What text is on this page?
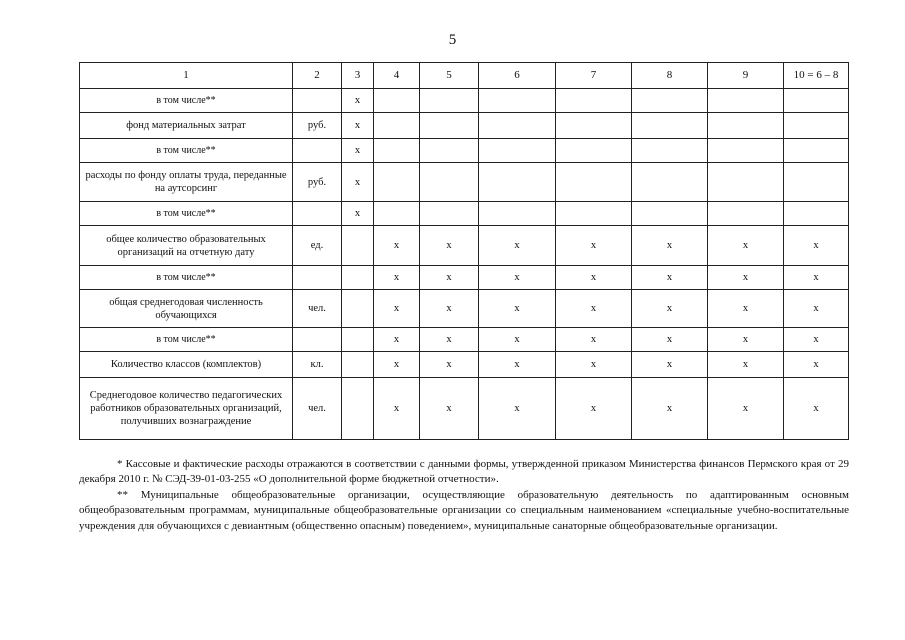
5
1	2	3	4	5	6	7	8	9	10 = 6 – 8
в том числе**		х							
фонд материальных затрат	руб.	х							
в том числе**		х							
расходы по фонду оплаты труда, переданные на аутсорсинг	руб.	х							
в том числе**		х							
общее количество образовательных организаций на отчетную дату	ед.		х	х	х	х	х	х	х
в том числе**			х	х	х	х	х	х	х
общая среднегодовая численность обучающихся	чел.		х	х	х	х	х	х	х
в том числе**			х	х	х	х	х	х	х
Количество классов (комплектов)	кл.		х	х	х	х	х	х	х
Среднегодовое количество педагогических работников образовательных организаций, получивших вознаграждение	чел.		х	х	х	х	х	х	х

* Кассовые и фактические расходы отражаются в соответствии с данными формы, утвержденной приказом Министерства финансов Пермского края от 29 декабря 2010 г. № СЭД-39-01-03-255 «О дополнительной форме бюджетной отчетности».

** Муниципальные общеобразовательные организации, осуществляющие образовательную деятельность по адаптированным основным общеобразовательным программам, муниципальные общеобразовательные организации со специальным наименованием «специальные учебно-воспитательные учреждения для обучающихся с девиантным (общественно опасным) поведением», муниципальные санаторные общеобразовательные организации.
